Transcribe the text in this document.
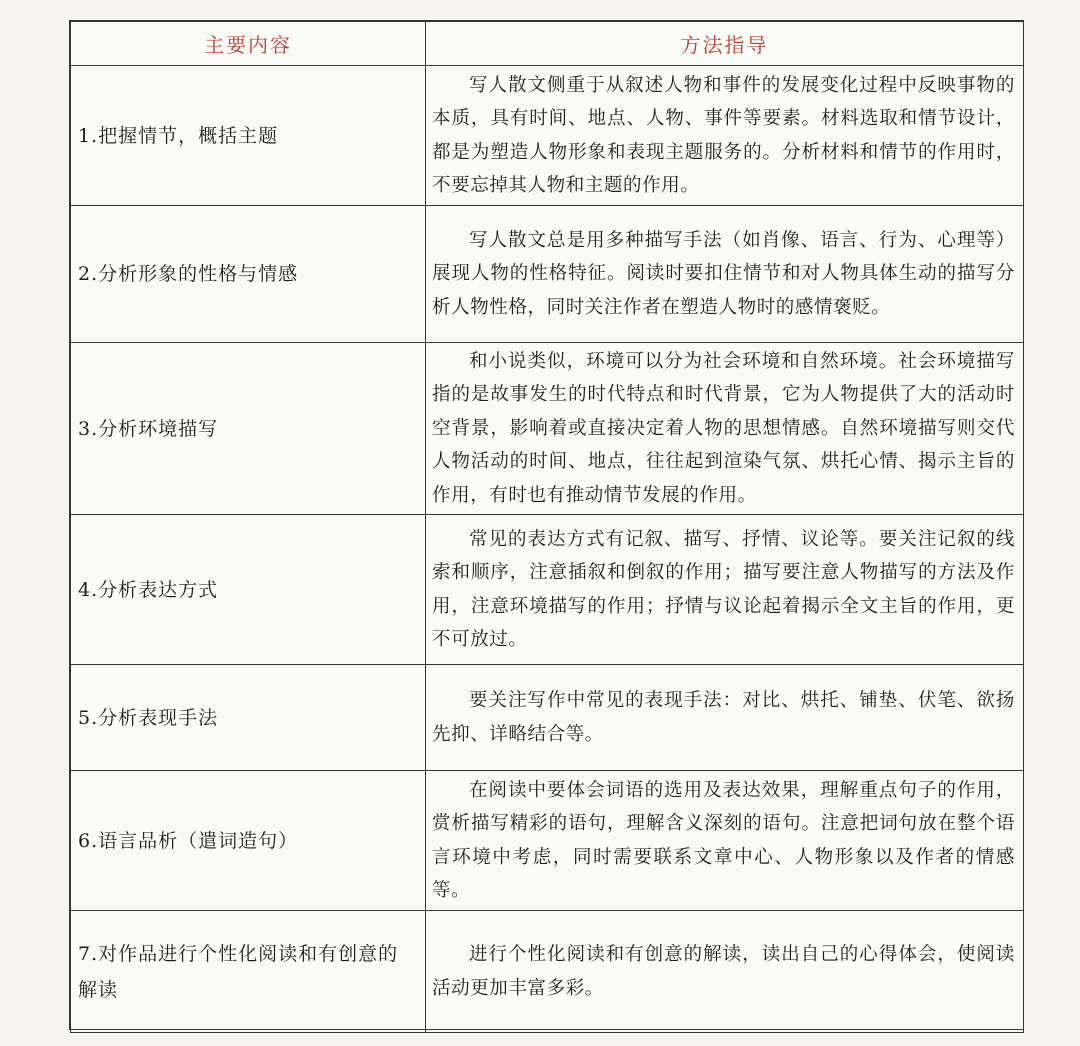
主要内容	方法指导
1.把握情节，概括主题	写人散文侧重于从叙述人物和事件的发展变化过程中反映事物的本质，具有时间、地点、人物、事件等要素。材料选取和情节设计，都是为塑造人物形象和表现主题服务的。分析材料和情节的作用时，不要忘掉其人物和主题的作用。

2.分析形象的性格与情感	写人散文总是用多种描写手法（如肖像、语言、行为、心理等）展现人物的性格特征。阅读时要扣住情节和对人物具体生动的描写分析人物性格，同时关注作者在塑造人物时的感情褒贬。

3.分析环境描写	和小说类似，环境可以分为社会环境和自然环境。社会环境描写指的是故事发生的时代特点和时代背景，它为人物提供了大的活动时空背景，影响着或直接决定着人物的思想情感。自然环境描写则交代人物活动的时间、地点，往往起到渲染气氛、烘托心情、揭示主旨的作用，有时也有推动情节发展的作用。

4.分析表达方式	常见的表达方式有记叙、描写、抒情、议论等。要关注记叙的线索和顺序，注意插叙和倒叙的作用；描写要注意人物描写的方法及作用，注意环境描写的作用；抒情与议论起着揭示全文主旨的作用，更不可放过。

5.分析表现手法	要关注写作中常见的表现手法：对比、烘托、铺垫、伏笔、欲扬先抑、详略结合等。

6.语言品析（遣词造句）	在阅读中要体会词语的选用及表达效果，理解重点句子的作用，赏析描写精彩的语句，理解含义深刻的语句。注意把词句放在整个语言环境中考虑，同时需要联系文章中心、人物形象以及作者的情感等。

7.对作品进行个性化阅读和有创意的解读	进行个性化阅读和有创意的解读，读出自己的心得体会，使阅读活动更加丰富多彩。
